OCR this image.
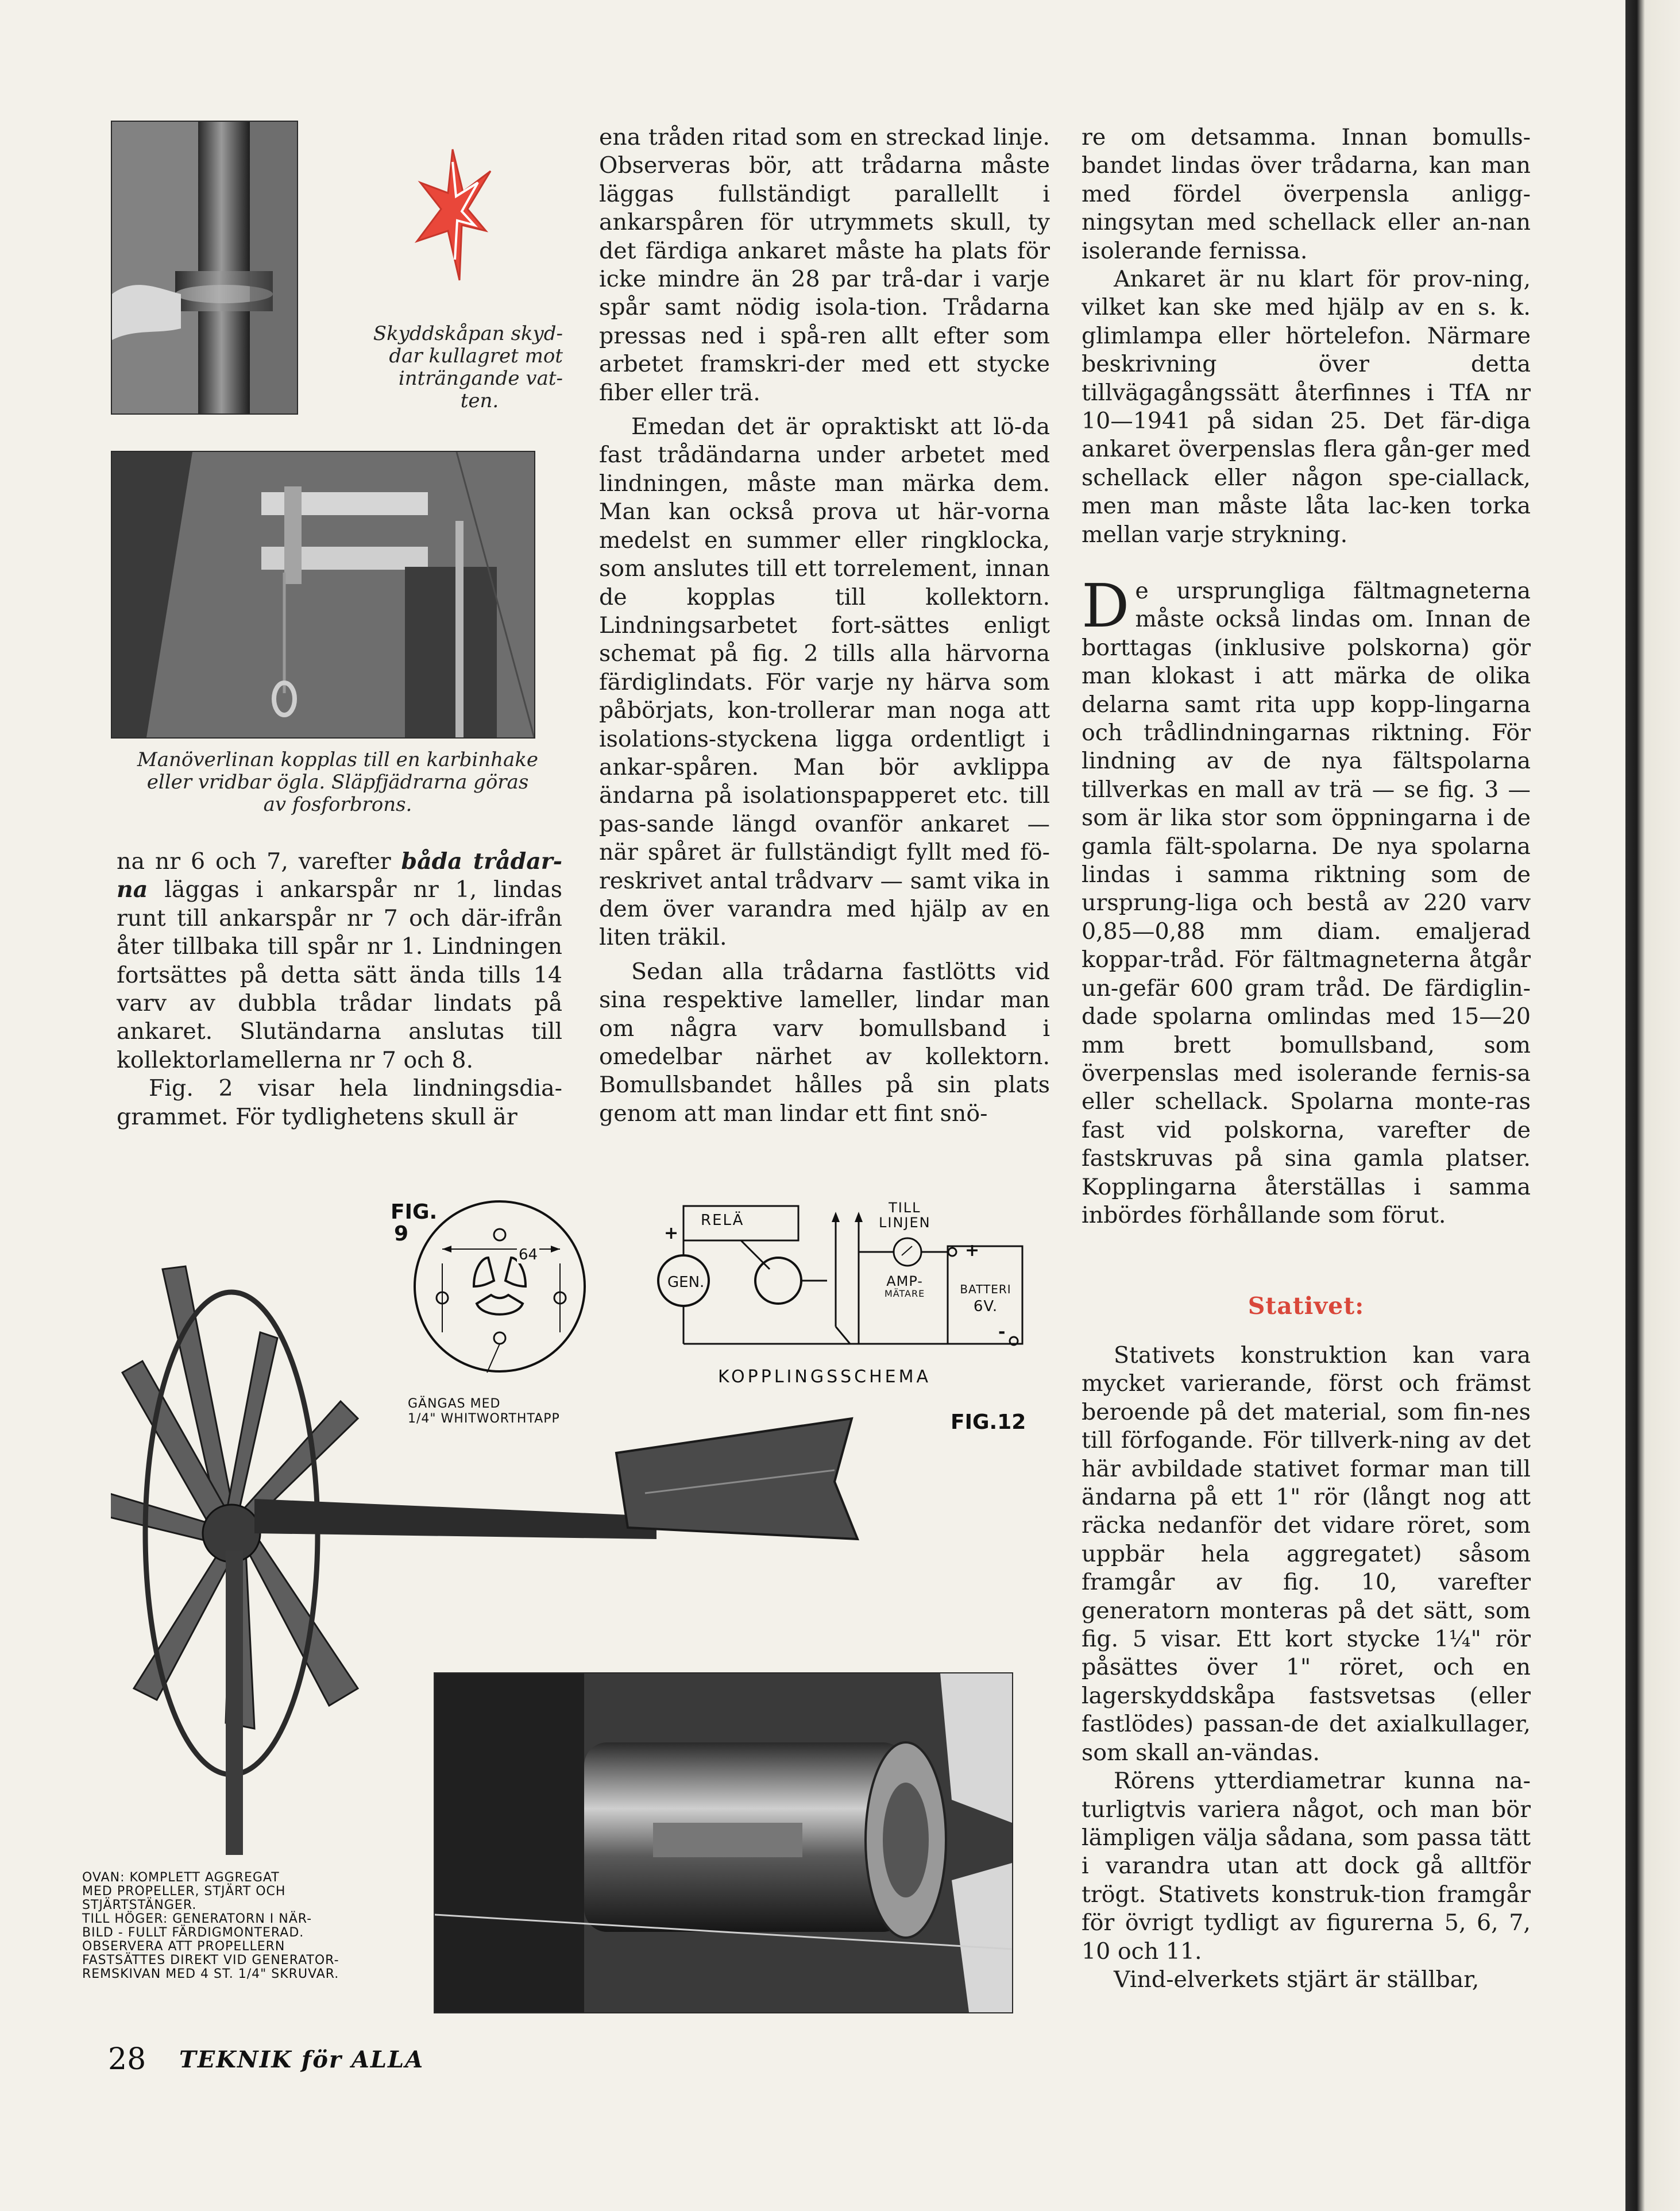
Skyddskåpan skyd-

dar kullagret mot

inträngande vat-

ten.

Manöverlinan kopplas till en karbinhake

eller vridbar ögla. Släpfjädrarna göras

av fosforbrons.

na nr 6 och 7, varefter båda trådar-na läggas i ankarspår nr 1, lindas runt till ankarspår nr 7 och där-ifrån åter tillbaka till spår nr 1. Lindningen fortsättes på detta sätt ända tills 14 varv av dubbla trådar lindats på ankaret. Slutändarna anslutas till kollektorlamellerna nr 7 och 8.

Fig. 2 visar hela lindningsdia-grammet. För tydlighetens skull är

ena tråden ritad som en streckad linje. Observeras bör, att trådarna måste läggas fullständigt parallellt i ankarspåren för utrymmets skull, ty det färdiga ankaret måste ha plats för icke mindre än 28 par trå-dar i varje spår samt nödig isola-tion. Trådarna pressas ned i spå-ren allt efter som arbetet framskri-der med ett stycke fiber eller trä.

Emedan det är opraktiskt att lö-da fast trådändarna under arbetet med lindningen, måste man märka dem. Man kan också prova ut här-vorna medelst en summer eller ringklocka, som anslutes till ett torrelement, innan de kopplas till kollektorn. Lindningsarbetet fort-sättes enligt schemat på fig. 2 tills alla härvorna färdiglindats. För varje ny härva som påbörjats, kon-trollerar man noga att isolations-styckena ligga ordentligt i ankar-spåren. Man bör avklippa ändarna på isolationspapperet etc. till pas-sande längd ovanför ankaret — när spåret är fullständigt fyllt med fö-reskrivet antal trådvarv — samt vika in dem över varandra med hjälp av en liten träkil.

Sedan alla trådarna fastlötts vid sina respektive lameller, lindar man om några varv bomullsband i omedelbar närhet av kollektorn. Bomullsbandet hålles på sin plats genom att man lindar ett fint snö-

re om detsamma. Innan bomulls-bandet lindas över trådarna, kan man med fördel överpensla anligg-ningsytan med schellack eller an-nan isolerande fernissa.

Ankaret är nu klart för prov-ning, vilket kan ske med hjälp av en s. k. glimlampa eller hörtelefon. Närmare beskrivning över detta tillvägagångssätt återfinnes i TfA nr 10—1941 på sidan 25. Det fär-diga ankaret överpenslas flera gån-ger med schellack eller någon spe-ciallack, men man måste låta lac-ken torka mellan varje strykning.

De ursprungliga fältmagneterna måste också lindas om. Innan de borttagas (inklusive polskorna) gör man klokast i att märka de olika delarna samt rita upp kopp-lingarna och trådlindningarnas riktning. För lindning av de nya fältspolarna tillverkas en mall av trä — se fig. 3 — som är lika stor som öppningarna i de gamla fält-spolarna. De nya spolarna lindas i samma riktning som de ursprung-liga och bestå av 220 varv 0,85—0,88 mm diam. emaljerad koppar-tråd. För fältmagneterna åtgår un-gefär 600 gram tråd. De färdiglin-dade spolarna omlindas med 15—20 mm brett bomullsband, som överpenslas med isolerande fernis-sa eller schellack. Spolarna monte-ras fast vid polskorna, varefter de fastskruvas på sina gamla platser. Kopplingarna återställas i samma inbördes förhållande som förut.

Stativet:

Stativets konstruktion kan vara mycket varierande, först och främst beroende på det material, som fin-nes till förfogande. För tillverk-ning av det här avbildade stativet formar man till ändarna på ett 1" rör (långt nog att räcka nedanför det vidare röret, som uppbär hela aggregatet) såsom framgår av fig. 10, varefter generatorn monteras på det sätt, som fig. 5 visar. Ett kort stycke 1¼" rör påsättes över 1" röret, och en lagerskyddskåpa fastsvetsas (eller fastlödes) passan-de det axialkullager, som skall an-vändas.

Rörens ytterdiametrar kunna na-turligtvis variera något, och man bör lämpligen välja sådana, som passa tätt i varandra utan att dock gå alltför trögt. Stativets konstruk-tion framgår för övrigt tydligt av figurerna 5, 6, 7, 10 och 11.

Vind-elverkets stjärt är ställbar,

FIG.
9
64
GÄNGAS MED
1/4" WHITWORTHTAPP
RELÄ
TILL
LINJEN
GEN.
+
+
AMP-
MÄTARE	BATTERI
6V.
-
KOPPLINGSSCHEMA
FIG.12

OVAN: KOMPLETT AGGREGAT

MED PROPELLER, STJÄRT OCH

STJÄRTSTÄNGER.

TILL HÖGER: GENERATORN I NÄR-

BILD - FULLT FÄRDIGMONTERAD.

OBSERVERA ATT PROPELLERN

FASTSÄTTES DIREKT VID GENERATOR-

REMSKIVAN MED 4 ST. 1/4" SKRUVAR.

28 TEKNIK för ALLA
